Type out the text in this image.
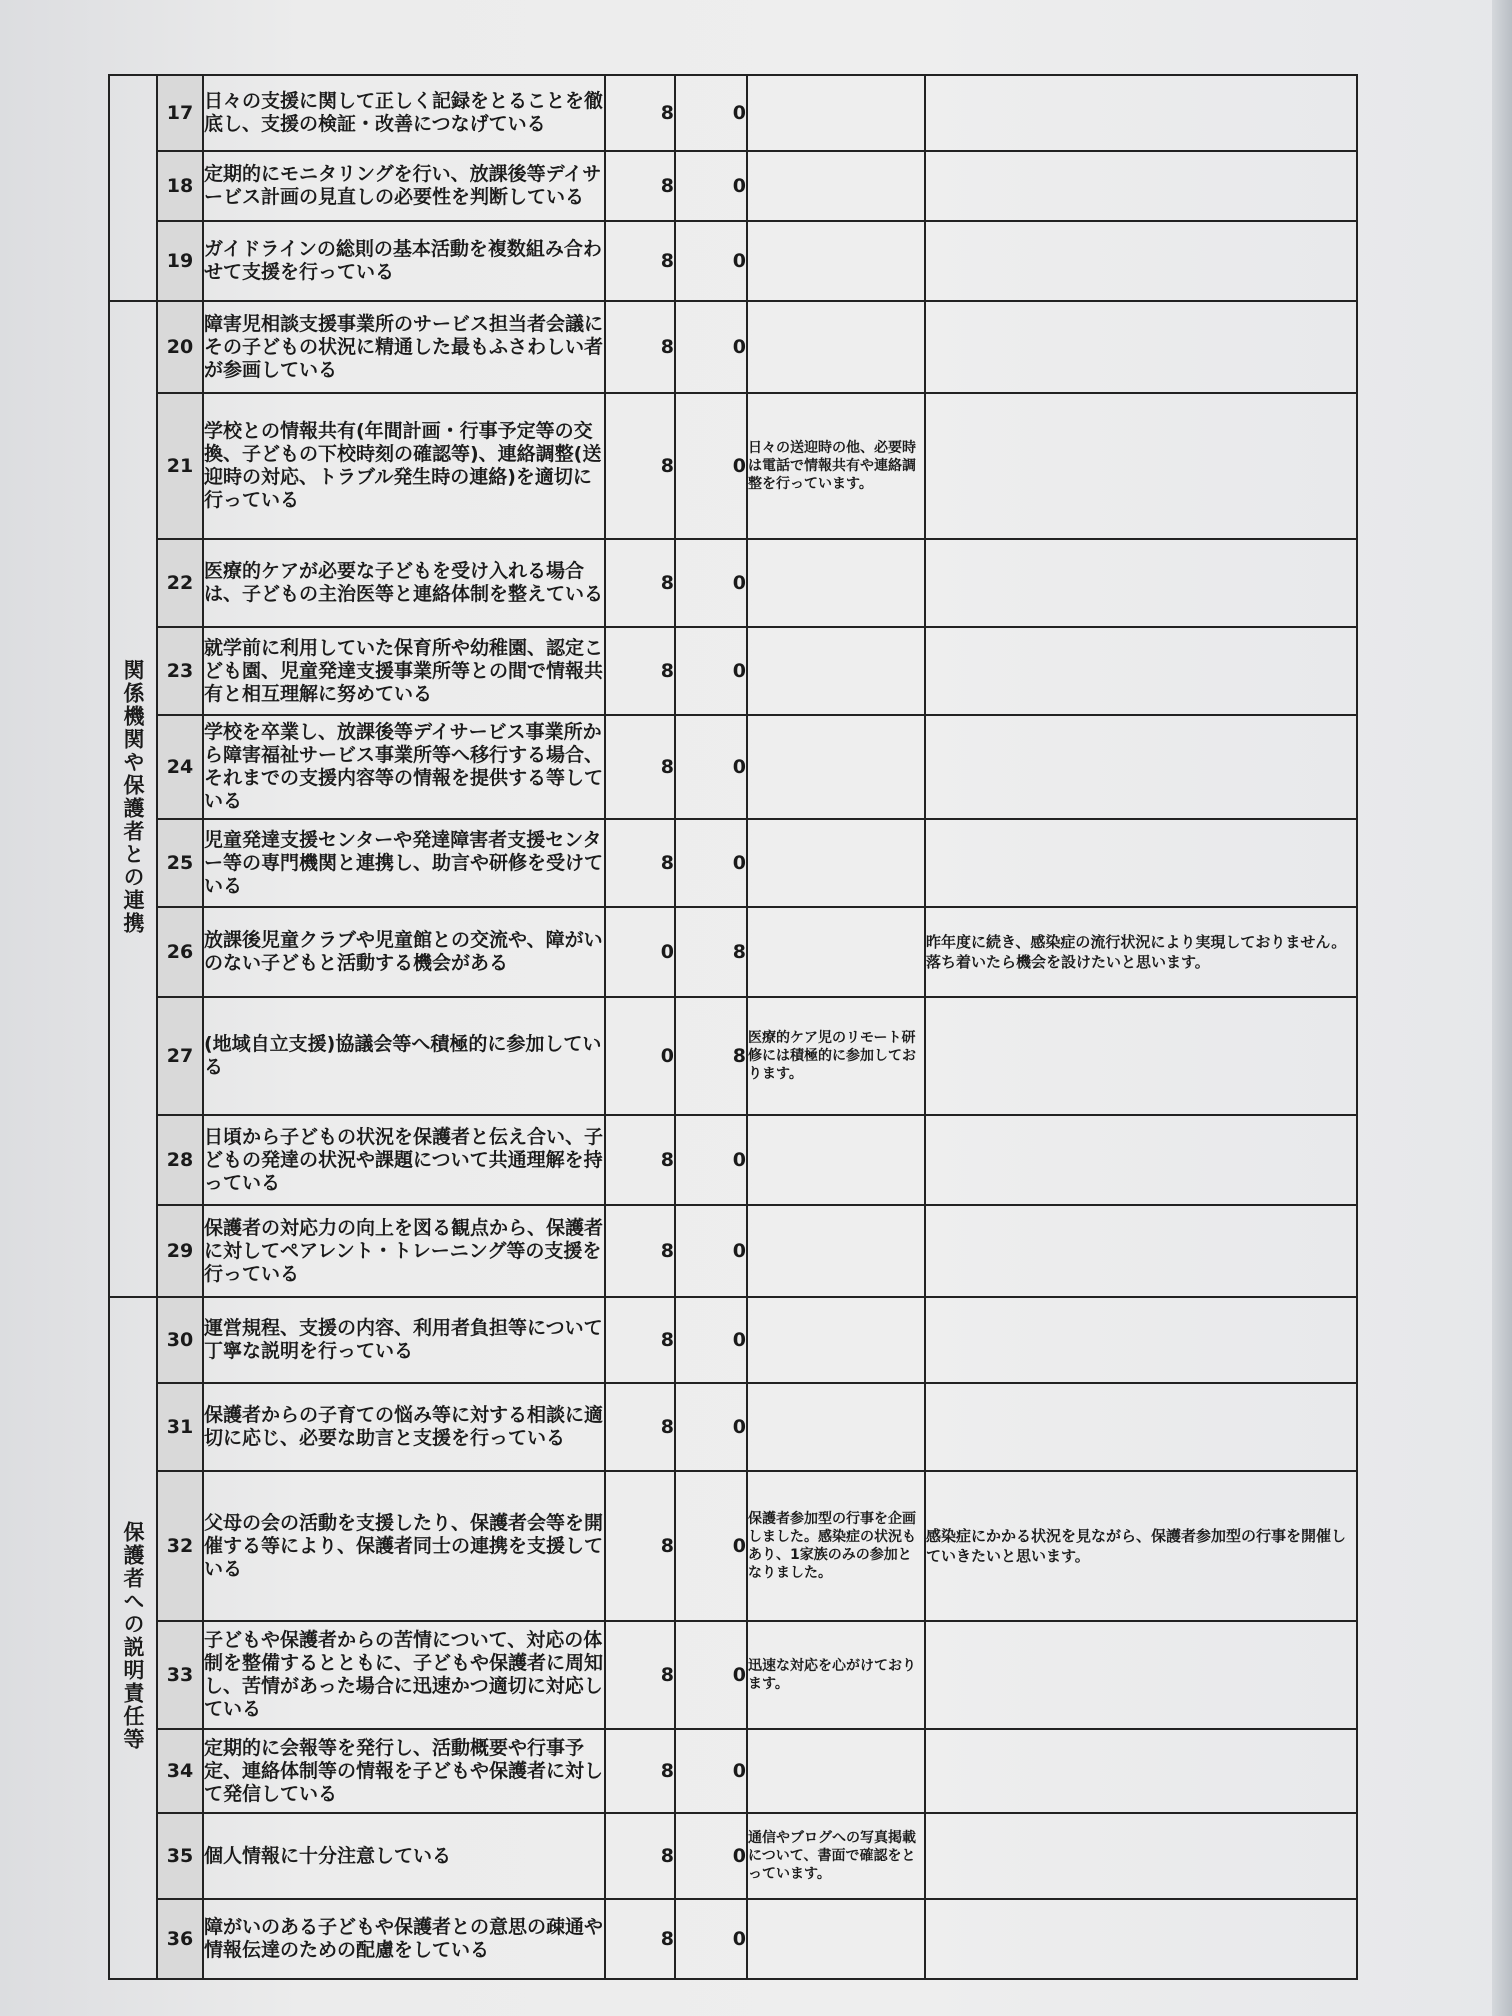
	17	日々の支援に関して正しく記録をとることを徹底し、支援の検証・改善につなげている	8	0		
	18	定期的にモニタリングを行い、放課後等デイサービス計画の見直しの必要性を判断している	8	0		
	19	ガイドラインの総則の基本活動を複数組み合わせて支援を行っている	8	0		
関係機関や保護者との連携	20	障害児相談支援事業所のサービス担当者会議にその子どもの状況に精通した最もふさわしい者が参画している	8	0		
	21	学校との情報共有(年間計画・行事予定等の交換、子どもの下校時刻の確認等)、連絡調整(送迎時の対応、トラブル発生時の連絡)を適切に行っている	8	0	日々の送迎時の他、必要時は電話で情報共有や連絡調整を行っています。	
	22	医療的ケアが必要な子どもを受け入れる場合は、子どもの主治医等と連絡体制を整えている	8	0		
	23	就学前に利用していた保育所や幼稚園、認定こども園、児童発達支援事業所等との間で情報共有と相互理解に努めている	8	0		
	24	学校を卒業し、放課後等デイサービス事業所から障害福祉サービス事業所等へ移行する場合、それまでの支援内容等の情報を提供する等している	8	0		
	25	児童発達支援センターや発達障害者支援センター等の専門機関と連携し、助言や研修を受けている	8	0		
	26	放課後児童クラブや児童館との交流や、障がいのない子どもと活動する機会がある	0	8		昨年度に続き、感染症の流行状況により実現しておりません。落ち着いたら機会を設けたいと思います。
	27	(地域自立支援)協議会等へ積極的に参加している	0	8	医療的ケア児のリモート研修には積極的に参加しております。	
	28	日頃から子どもの状況を保護者と伝え合い、子どもの発達の状況や課題について共通理解を持っている	8	0		
	29	保護者の対応力の向上を図る観点から、保護者に対してペアレント・トレーニング等の支援を行っている	8	0		
保護者への説明責任等	30	運営規程、支援の内容、利用者負担等について丁寧な説明を行っている	8	0		
	31	保護者からの子育ての悩み等に対する相談に適切に応じ、必要な助言と支援を行っている	8	0		
	32	父母の会の活動を支援したり、保護者会等を開催する等により、保護者同士の連携を支援している	8	0	保護者参加型の行事を企画しました。感染症の状況もあり、1家族のみの参加となりました。	感染症にかかる状況を見ながら、保護者参加型の行事を開催していきたいと思います。
	33	子どもや保護者からの苦情について、対応の体制を整備するとともに、子どもや保護者に周知し、苦情があった場合に迅速かつ適切に対応している	8	0	迅速な対応を心がけております。	
	34	定期的に会報等を発行し、活動概要や行事予定、連絡体制等の情報を子どもや保護者に対して発信している	8	0		
	35	個人情報に十分注意している	8	0	通信やブログへの写真掲載について、書面で確認をとっています。	
	36	障がいのある子どもや保護者との意思の疎通や情報伝達のための配慮をしている	8	0		
